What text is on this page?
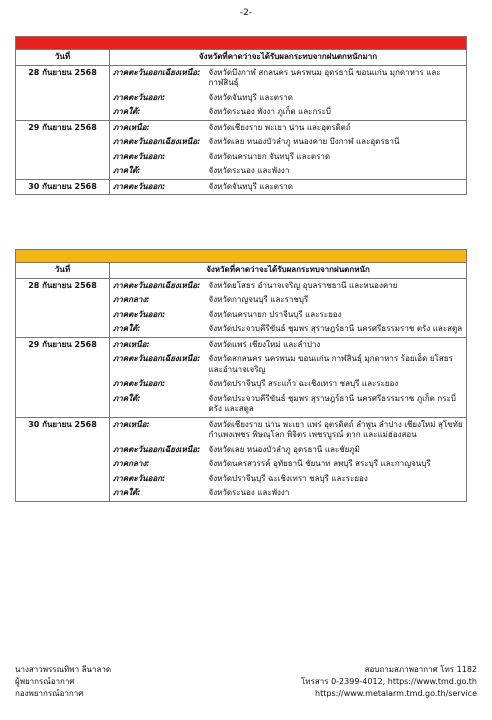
-2-

วันที่	จังหวัดที่คาดว่าจะได้รับผลกระทบจากฝนตกหนักมาก	
28 กันยายน 2568	ภาคตะวันออกเฉียงเหนือ:	จังหวัดบึงกาฬ สกลนคร นครพนม อุดรธานี ขอนแก่น มุกดาหาร และกาฬสินธุ์
	ภาคตะวันออก:	จังหวัดจันทบุรี และตราด
	ภาคใต้:	จังหวัดระนอง พังงา ภูเก็ต และกระบี่
29 กันยายน 2568	ภาคเหนือ:	จังหวัดเชียงราย พะเยา น่าน และอุตรดิตถ์
	ภาคตะวันออกเฉียงเหนือ:	จังหวัดเลย หนองบัวลำภู หนองคาย บึงกาฬ และอุดรธานี
	ภาคตะวันออก:	จังหวัดนครนายก จันทบุรี และตราด
	ภาคใต้:	จังหวัดระนอง และพังงา
30 กันยายน 2568	ภาคตะวันออก:	จังหวัดจันทบุรี และตราด

วันที่	จังหวัดที่คาดว่าจะได้รับผลกระทบจากฝนตกหนัก	
28 กันยายน 2568	ภาคตะวันออกเฉียงเหนือ:	จังหวัดยโสธร อำนาจเจริญ อุบลราชธานี และหนองคาย
	ภาคกลาง:	จังหวัดกาญจนบุรี และราชบุรี
	ภาคตะวันออก:	จังหวัดนครนายก ปราจีนบุรี และระยอง
	ภาคใต้:	จังหวัดประจวบคีรีขันธ์ ชุมพร สุราษฎร์ธานี นครศรีธรรมราช ตรัง และสตูล
29 กันยายน 2568	ภาคเหนือ:	จังหวัดแพร่ เชียงใหม่ และลำปาง
	ภาคตะวันออกเฉียงเหนือ:	จังหวัดสกลนคร นครพนม ขอนแก่น กาฬสินธุ์ มุกดาหาร ร้อยเอ็ด ยโสธร และอำนาจเจริญ
	ภาคตะวันออก:	จังหวัดปราจีนบุรี สระแก้ว ฉะเชิงเทรา ชลบุรี และระยอง
	ภาคใต้:	จังหวัดประจวบคีรีขันธ์ ชุมพร สุราษฎร์ธานี นครศรีธรรมราช ภูเก็ต กระบี่ ตรัง และสตูล
30 กันยายน 2568	ภาคเหนือ:	จังหวัดเชียงราย น่าน พะเยา แพร่ อุตรดิตถ์ ลำพูน ลำปาง เชียงใหม่ สุโขทัย กำแพงเพชร พิษณุโลก พิจิตร เพชรบูรณ์ ตาก และแม่ฮ่องสอน
	ภาคตะวันออกเฉียงเหนือ:	จังหวัดเลย หนองบัวลำภู อุดรธานี และชัยภูมิ
	ภาคกลาง:	จังหวัดนครสวรรค์ อุทัยธานี ชัยนาท ลพบุรี สระบุรี และกาญจนบุรี
	ภาคตะวันออก:	จังหวัดปราจีนบุรี ฉะเชิงเทรา ชลบุรี และระยอง
	ภาคใต้:	จังหวัดระนอง และพังงา
นางสาวพรรณทิพา ลีนาลาด
ผู้พยากรณ์อากาศ
กองพยากรณ์อากาศ
สอบถามสภาพอากาศ โทร 1182
โทรสาร 0-2399-4012, https://www.tmd.go.th
https://www.metalarm.tmd.go.th/service
